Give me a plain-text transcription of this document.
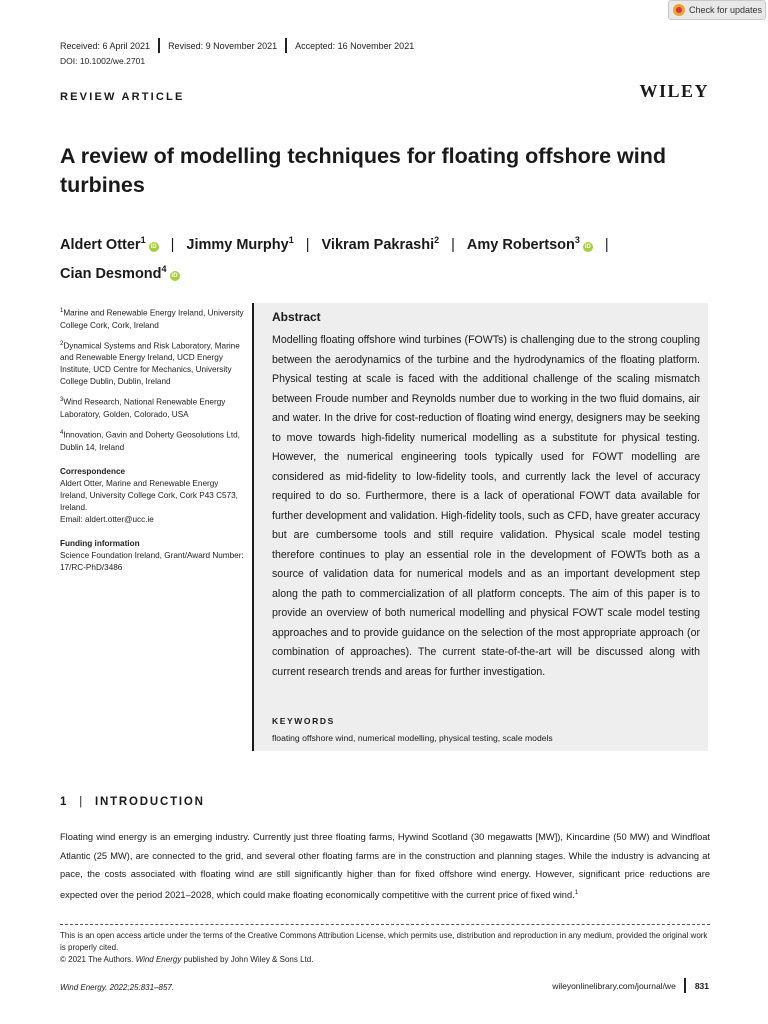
Received: 6 April 2021 Revised: 9 November 2021 Accepted: 16 November 2021
DOI: 10.1002/we.2701
Check for updates
REVIEW ARTICLE	WILEY
A review of modelling techniques for floating offshore wind turbines
Aldert Otter$^1$iD | Jimmy Murphy$^1$ | Vikram Pakrashi$^2$ | Amy Robertson$^3$iD |
Cian Desmond$^4$iD

$^1$Marine and Renewable Energy Ireland, University College Cork, Cork, Ireland

$^2$Dynamical Systems and Risk Laboratory, Marine and Renewable Energy Ireland, UCD Energy Institute, UCD Centre for Mechanics, University College Dublin, Dublin, Ireland

$^3$Wind Research, National Renewable Energy Laboratory, Golden, Colorado, USA

$^4$Innovation, Gavin and Doherty Geosolutions Ltd, Dublin 14, Ireland

Correspondence

Aldert Otter, Marine and Renewable Energy Ireland, University College Cork, Cork P43 C573, Ireland.

Email: aldert.otter@ucc.ie

Funding information

Science Foundation Ireland, Grant/Award Number: 17/RC-PhD/3486

Abstract
Modelling floating offshore wind turbines (FOWTs) is challenging due to the strong coupling between the aerodynamics of the turbine and the hydrodynamics of the floating platform. Physical testing at scale is faced with the additional challenge of the scaling mismatch between Froude number and Reynolds number due to working in the two fluid domains, air and water. In the drive for cost-reduction of floating wind energy, designers may be seeking to move towards high-fidelity numerical modelling as a substitute for physical testing. However, the numerical engineering tools typically used for FOWT modelling are considered as mid-fidelity to low-fidelity tools, and currently lack the level of accuracy required to do so. Furthermore, there is a lack of operational FOWT data available for further development and validation. High-fidelity tools, such as CFD, have greater accuracy but are cumbersome tools and still require validation. Physical scale model testing therefore continues to play an essential role in the development of FOWTs both as a source of validation data for numerical models and as an important development step along the path to commercialization of all platform concepts. The aim of this paper is to provide an overview of both numerical modelling and physical FOWT scale model testing approaches and to provide guidance on the selection of the most appropriate approach (or combination of approaches). The current state-of-the-art will be discussed along with current research trends and areas for further investigation.
KEYWORDS
floating offshore wind, numerical modelling, physical testing, scale models
1 | INTRODUCTION
Floating wind energy is an emerging industry. Currently just three floating farms, Hywind Scotland (30 megawatts [MW]), Kincardine (50 MW) and Windfloat Atlantic (25 MW), are connected to the grid, and several other floating farms are in the construction and planning stages. While the industry is advancing at pace, the costs associated with floating wind are still significantly higher than for fixed offshore wind energy. However, significant price reductions are expected over the period 2021–2028, which could make floating economically competitive with the current price of fixed wind.$^1$
This is an open access article under the terms of the Creative Commons Attribution License, which permits use, distribution and reproduction in any medium, provided the original work is properly cited.
© 2021 The Authors. Wind Energy published by John Wiley & Sons Ltd.
Wind Energy. 2022;25:831–857.	wileyonlinelibrary.com/journal/we 831
